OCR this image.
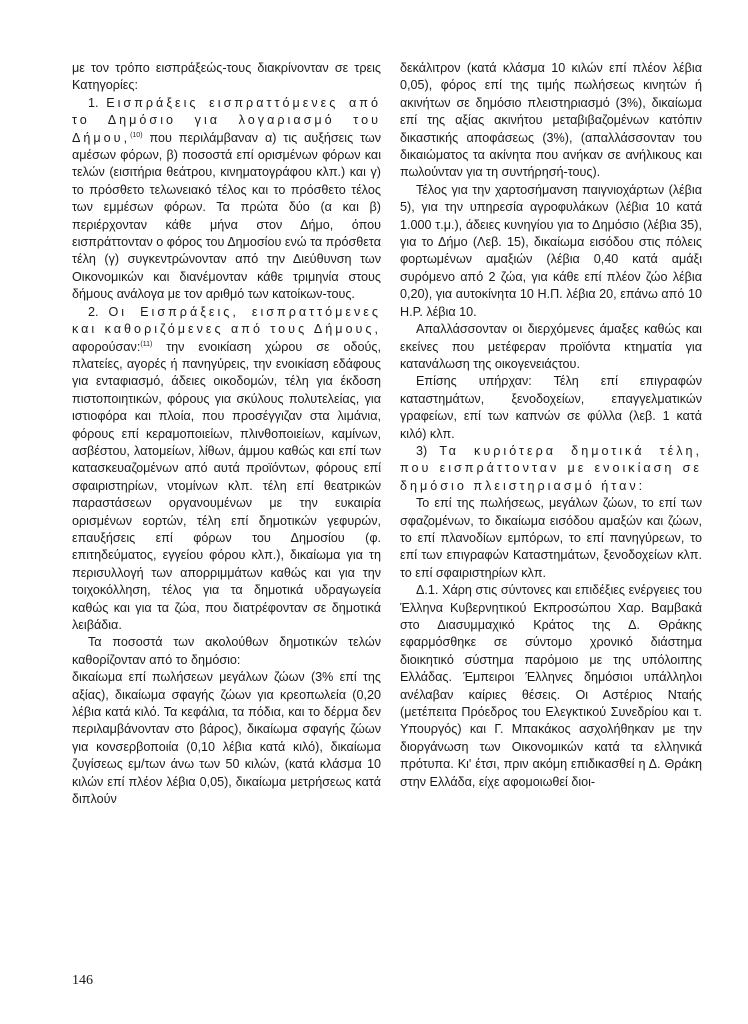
με τον τρόπο εισπράξεώς-τους διακρίνονταν σε τρεις Κατηγορίες:

1. Εισπράξεις εισπραττόμενες από το Δημόσιο για λογαριασμό του Δήμου,$^{(10)}$ που περιλάμβαναν α) τις αυξήσεις των αμέσων φόρων, β) ποσοστά επί ορισμένων φόρων και τελών (εισιτήρια θεάτρου, κινηματογράφου κλπ.) και γ) το πρόσθετο τελωνειακό τέλος και το πρόσθετο τέλος των εμμέσων φόρων. Τα πρώτα δύο (α και β) περιέρχονταν κάθε μήνα στον Δήμο, όπου εισπράττονταν ο φόρος του Δημοσίου ενώ τα πρόσθετα τέλη (γ) συγκεντρώνονταν από την Διεύθυνση των Οικονομικών και διανέμονταν κάθε τριμηνία στους δήμους ανάλογα με τον αριθμό των κατοίκων-τους.

2. Οι Εισπράξεις, εισπραττόμενες και καθοριζόμενες από τους Δήμους, αφορούσαν:$^{(11)}$ την ενοικίαση χώρου σε οδούς, πλατείες, αγορές ή πανηγύρεις, την ενοικίαση εδάφους για ενταφιασμό, άδειες οικοδομών, τέλη για έκδοση πιστοποιητικών, φόρους για σκύλους πολυτελείας, για ιστιοφόρα και πλοία, που προσέγγιζαν στα λιμάνια, φόρους επί κεραμοποιείων, πλινθοποιείων, καμίνων, ασβέστου, λατομείων, λίθων, άμμου καθώς και επί των κατασκευαζομένων από αυτά προϊόντων, φόρους επί σφαιριστηρίων, ντομίνων κλπ. τέλη επί θεατρικών παραστάσεων οργανουμένων με την ευκαιρία ορισμένων εορτών, τέλη επί δημοτικών γεφυρών, επαυξήσεις επί φόρων του Δημοσίου (φ. επιτηδεύματος, εγγείου φόρου κλπ.), δικαίωμα για τη περισυλλογή των απορριμμάτων καθώς και για την τοιχοκόλληση, τέλος για τα δημοτικά υδραγωγεία καθώς και για τα ζώα, που διατρέφονταν σε δημοτικά λειβάδια.

Τα ποσοστά των ακολούθων δημοτικών τελών καθορίζονταν από το δημόσιο:

δικαίωμα επί πωλήσεων μεγάλων ζώων (3% επί της αξίας), δικαίωμα σφαγής ζώων για κρεοπωλεία (0,20 λέβια κατά κιλό. Τα κεφάλια, τα πόδια, και το δέρμα δεν περιλαμβάνονταν στο βάρος), δικαίωμα σφαγής ζώων για κονσερβοποιία (0,10 λέβια κατά κιλό), δικαίωμα ζυγίσεως εμ/των άνω των 50 κιλών, (κατά κλάσμα 10 κιλών επί πλέον λέβια 0,05), δικαίωμα μετρήσεως κατά διπλούν

δεκάλιτρον (κατά κλάσμα 10 κιλών επί πλέον λέβια 0,05), φόρος επί της τιμής πωλήσεως κινητών ή ακινήτων σε δημόσιο πλειστηριασμό (3%), δικαίωμα επί της αξίας ακινήτου μεταβιβαζομένων κατόπιν δικαστικής αποφάσεως (3%), (απαλλάσσονταν του δικαιώματος τα ακίνητα που ανήκαν σε ανήλικους και πωλούνταν για τη συντήρησή-τους).

Τέλος για την χαρτοσήμανση παιγνιοχάρτων (λέβια 5), για την υπηρεσία αγροφυλάκων (λέβια 10 κατά 1.000 τ.μ.), άδειες κυνηγίου για το Δημόσιο (λέβια 35), για το Δήμο (Λεβ. 15), δικαίωμα εισόδου στις πόλεις φορτωμένων αμαξιών (λέβια 0,40 κατά αμάξι συρόμενο από 2 ζώα, για κάθε επί πλέον ζώο λέβια 0,20), για αυτοκίνητα 10 Η.Π. λέβια 20, επάνω από 10 Η.Ρ. λέβια 10.

Απαλλάσσονταν οι διερχόμενες άμαξες καθώς και εκείνες που μετέφεραν προϊόντα κτηματία για κατανάλωση της οικογενειάςτου.

Επίσης υπήρχαν: Τέλη επί επιγραφών καταστημάτων, ξενοδοχείων, επαγγελματικών γραφείων, επί των καπνών σε φύλλα (λεβ. 1 κατά κιλό) κλπ.

3) Τα κυριότερα δημοτικά τέλη, που εισπράττονταν με ενοικίαση σε δημόσιο πλειστηριασμό ήταν:

Το επί της πωλήσεως, μεγάλων ζώων, το επί των σφαζομένων, το δικαίωμα εισόδου αμαξών και ζώων, το επί πλανοδίων εμπόρων, το επί πανηγύρεων, το επί των επιγραφών Καταστημάτων, ξενοδοχείων κλπ. το επί σφαιριστηρίων κλπ.

Δ.1. Χάρη στις σύντονες και επιδέξιες ενέργειες του Έλληνα Κυβερνητικού Εκπροσώπου Χαρ. Βαμβακά στο Διασυμμαχικό Κράτος της Δ. Θράκης εφαρμόσθηκε σε σύντομο χρονικό διάστημα διοικητικό σύστημα παρόμοιο με της υπόλοιπης Ελλάδας. Έμπειροι Έλληνες δημόσιοι υπάλληλοι ανέλαβαν καίριες θέσεις. Οι Αστέριος Νταής (μετέπειτα Πρόεδρος του Ελεγκτικού Συνεδρίου και τ. Υπουργός) και Γ. Μπακάκος ασχολήθηκαν με την διοργάνωση των Οικονομικών κατά τα ελληνικά πρότυπα. Κι' έτσι, πριν ακόμη επιδικασθεί η Δ. Θράκη στην Ελλάδα, είχε αφομοιωθεί διοι-

146
